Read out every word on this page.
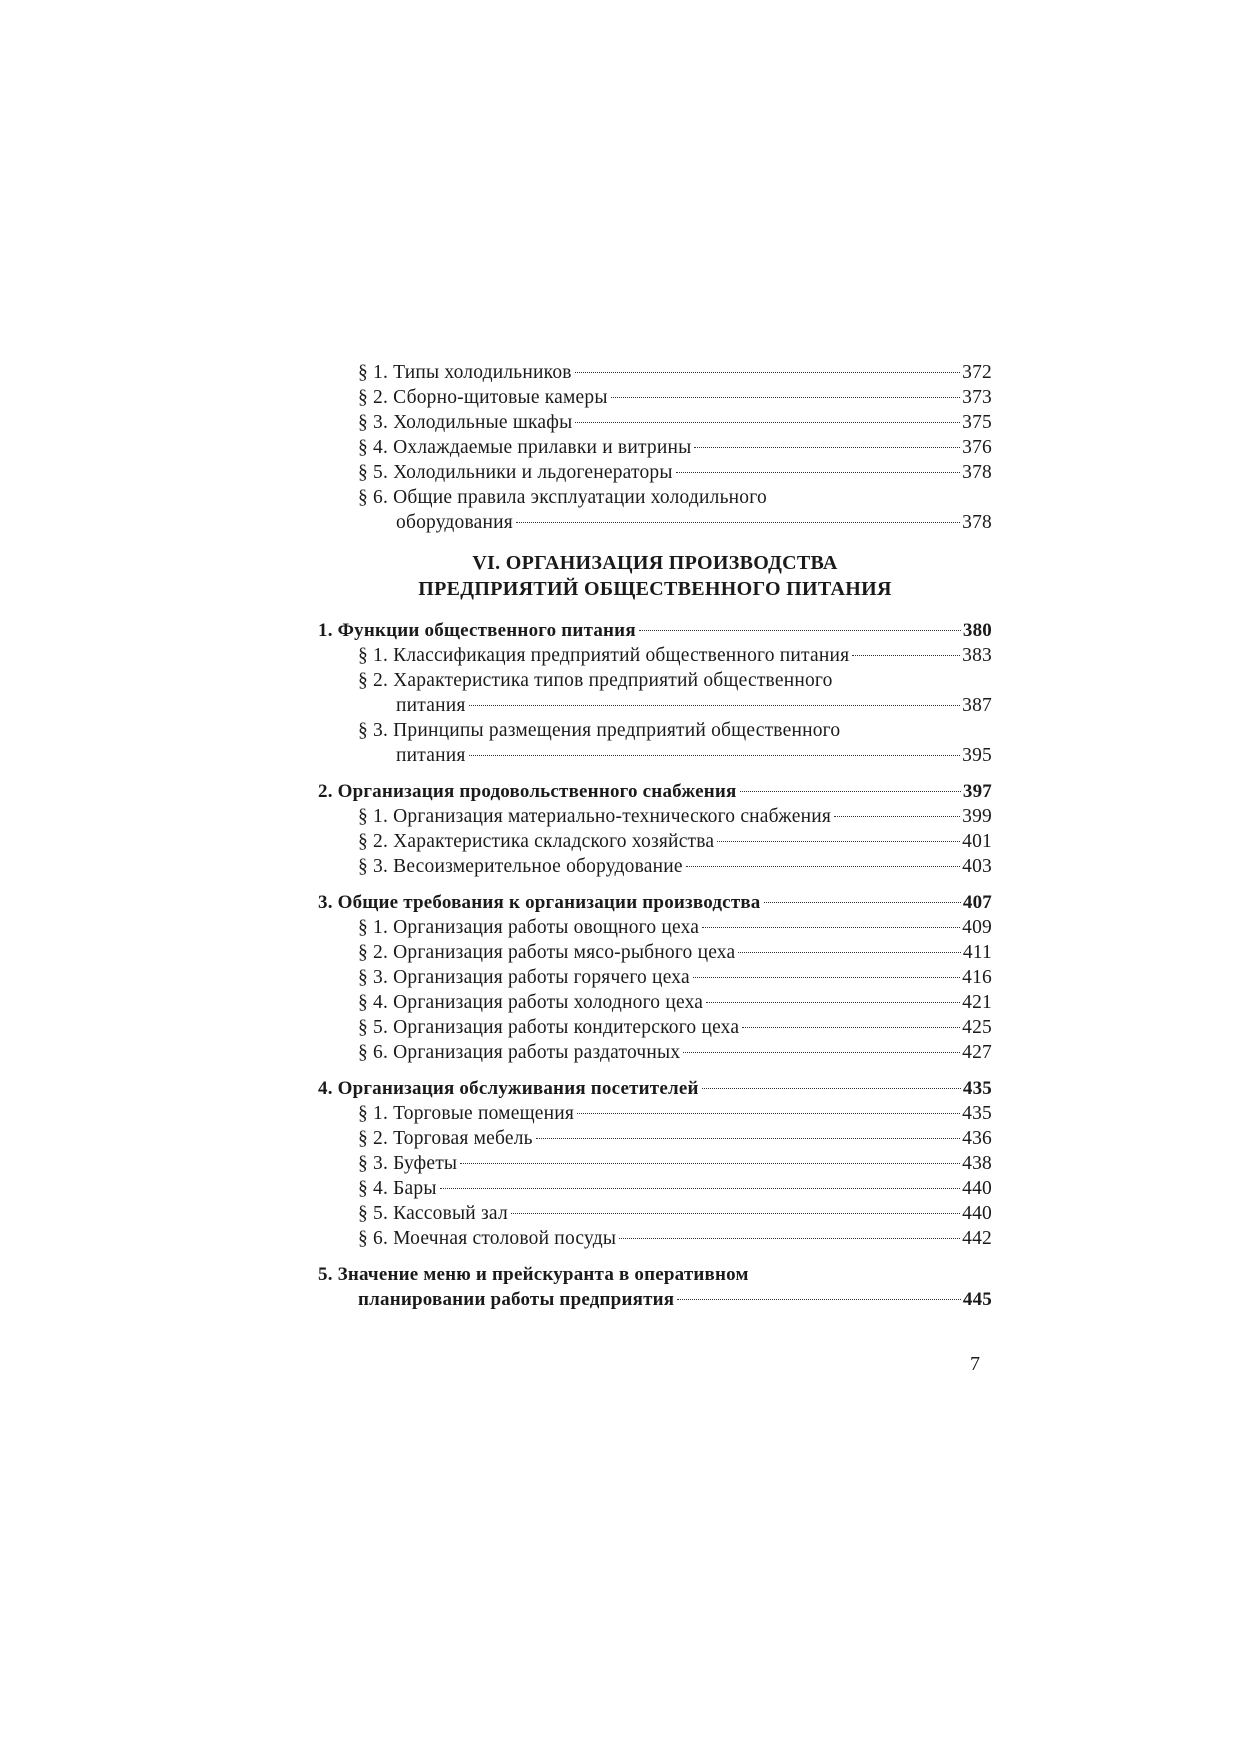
§ 1. Типы холодильников	372
§ 2. Сборно-щитовые камеры	373
§ 3. Холодильные шкафы	375
§ 4. Охлаждаемые прилавки и витрины	376
§ 5. Холодильники и льдогенераторы	378
§ 6. Общие правила эксплуатации холодильного
оборудования	378
VI. ОРГАНИЗАЦИЯ ПРОИЗВОДСТВА
ПРЕДПРИЯТИЙ ОБЩЕСТВЕННОГО ПИТАНИЯ
1. Функции общественного питания	380
§ 1. Классификация предприятий общественного питания	383
§ 2. Характеристика типов предприятий общественного
питания	387
§ 3. Принципы размещения предприятий общественного
питания	395
2. Организация продовольственного снабжения	397
§ 1. Организация материально-технического снабжения	399
§ 2. Характеристика складского хозяйства	401
§ 3. Весоизмерительное оборудование	403
3. Общие требования к организации производства	407
§ 1. Организация работы овощного цеха	409
§ 2. Организация работы мясо-рыбного цеха	411
§ 3. Организация работы горячего цеха	416
§ 4. Организация работы холодного цеха	421
§ 5. Организация работы кондитерского цеха	425
§ 6. Организация работы раздаточных	427
4. Организация обслуживания посетителей	435
§ 1. Торговые помещения	435
§ 2. Торговая мебель	436
§ 3. Буфеты	438
§ 4. Бары	440
§ 5. Кассовый зал	440
§ 6. Моечная столовой посуды	442
5. Значение меню и прейскуранта в оперативном
планировании работы предприятия	445
7
